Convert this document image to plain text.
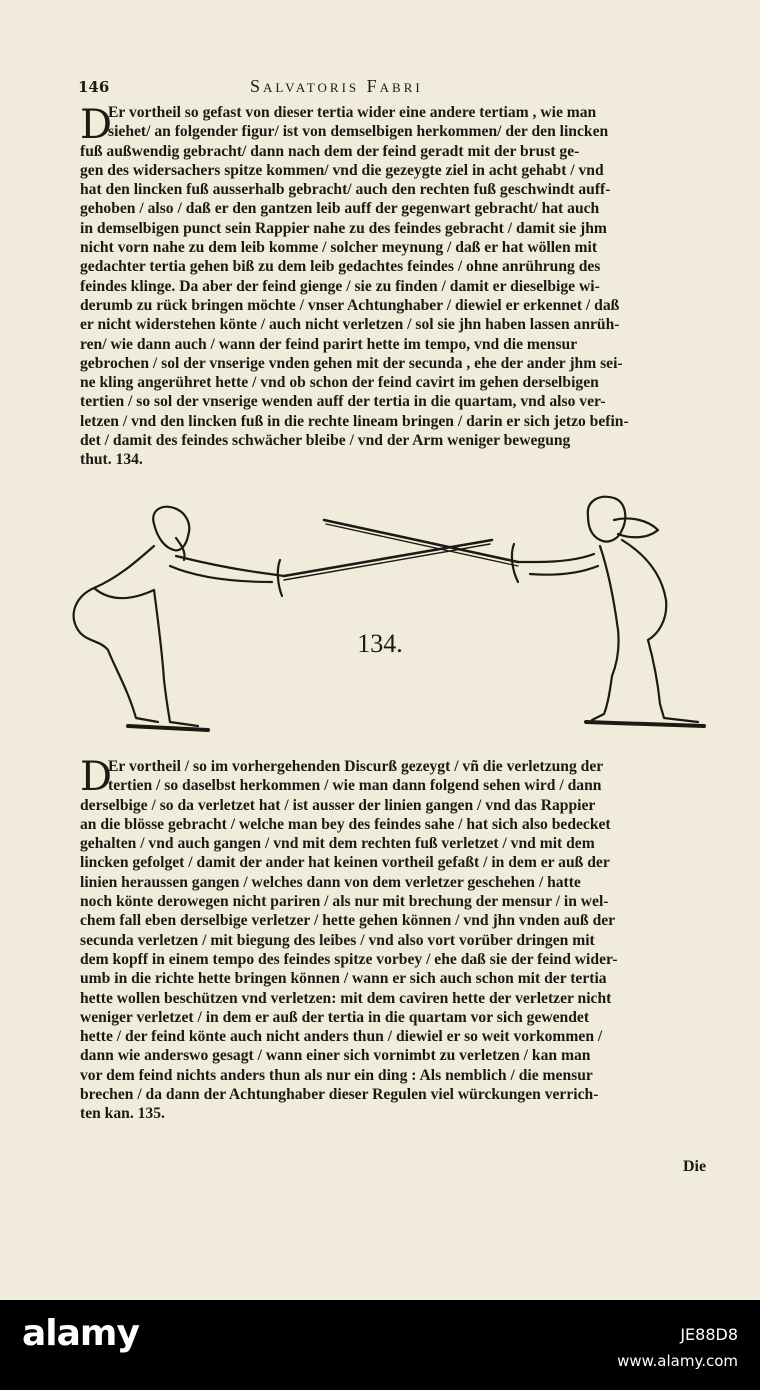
146	Salvatoris Fabri
D
Er vortheil so gefast von dieser tertia wider eine andere tertiam , wie man
siehet/ an folgender figur/ ist von demselbigen herkommen/ der den lincken
fuß außwendig gebracht/ dann nach dem der feind geradt mit der brust ge-
gen des widersachers spitze kommen/ vnd die gezeygte ziel in acht gehabt / vnd
hat den lincken fuß ausserhalb gebracht/ auch den rechten fuß geschwindt auff-
gehoben / also / daß er den gantzen leib auff der gegenwart gebracht/ hat auch
in demselbigen punct sein Rappier nahe zu des feindes gebracht / damit sie jhm
nicht vorn nahe zu dem leib komme / solcher meynung / daß er hat wöllen mit
gedachter tertia gehen biß zu dem leib gedachtes feindes / ohne anrührung des
feindes klinge. Da aber der feind gienge / sie zu finden / damit er dieselbige wi-
derumb zu rück bringen möchte / vnser Achtunghaber / diewiel er erkennet / daß
er nicht widerstehen könte / auch nicht verletzen / sol sie jhn haben lassen anrüh-
ren/ wie dann auch / wann der feind parirt hette im tempo, vnd die mensur
gebrochen / sol der vnserige vnden gehen mit der secunda , ehe der ander jhm sei-
ne kling angerühret hette / vnd ob schon der feind cavirt im gehen derselbigen
tertien / so sol der vnserige wenden auff der tertia in die quartam, vnd also ver-
letzen / vnd den lincken fuß in die rechte lineam bringen / darin er sich jetzo befin-
det / damit des feindes schwächer bleibe / vnd der Arm weniger bewegung
thut. 134.
134.
D
Er vortheil / so im vorhergehenden Discurß gezeygt / vñ die verletzung der
tertien / so daselbst herkommen / wie man dann folgend sehen wird / dann
derselbige / so da verletzet hat / ist ausser der linien gangen / vnd das Rappier
an die blösse gebracht / welche man bey des feindes sahe / hat sich also bedecket
gehalten / vnd auch gangen / vnd mit dem rechten fuß verletzet / vnd mit dem
lincken gefolget / damit der ander hat keinen vortheil gefaßt / in dem er auß der
linien heraussen gangen / welches dann von dem verletzer geschehen / hatte
noch könte derowegen nicht pariren / als nur mit brechung der mensur / in wel-
chem fall eben derselbige verletzer / hette gehen können / vnd jhn vnden auß der
secunda verletzen / mit biegung des leibes / vnd also vort vorüber dringen mit
dem kopff in einem tempo des feindes spitze vorbey / ehe daß sie der feind wider-
umb in die richte hette bringen können / wann er sich auch schon mit der tertia
hette wollen beschützen vnd verletzen: mit dem caviren hette der verletzer nicht
weniger verletzet / in dem er auß der tertia in die quartam vor sich gewendet
hette / der feind könte auch nicht anders thun / diewiel er so weit vorkommen /
dann wie anderswo gesagt / wann einer sich vornimbt zu verletzen / kan man
vor dem feind nichts anders thun als nur ein ding : Als nemblich / die mensur
brechen / da dann der Achtunghaber dieser Regulen viel würckungen verrich-
ten kan. 135.
Die
alamy	JE88D8
www.alamy.com
